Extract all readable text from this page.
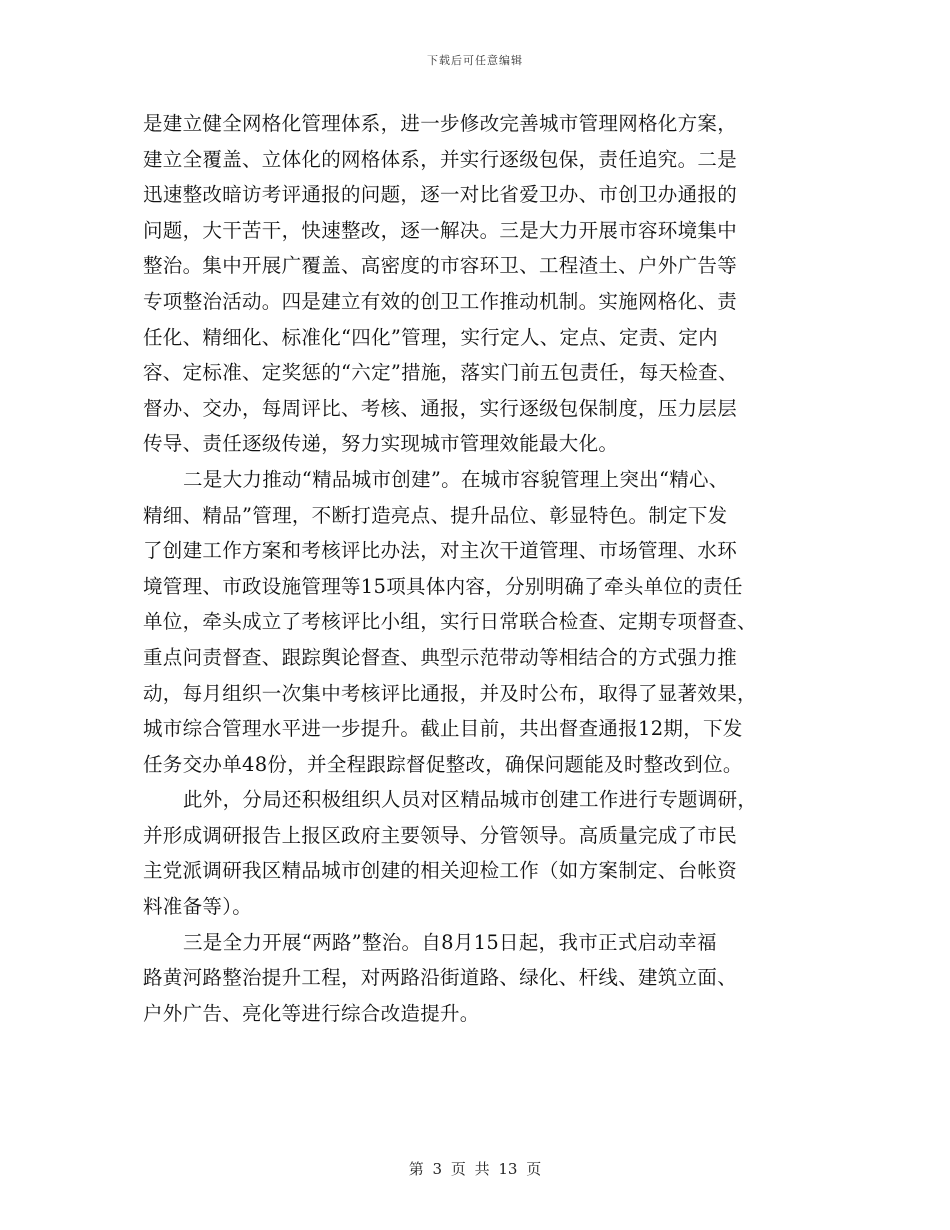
下载后可任意编辑
是建立健全网格化管理体系，进一步修改完善城市管理网格化方案，
建立全覆盖、立体化的网格体系，并实行逐级包保，责任追究。二是
迅速整改暗访考评通报的问题，逐一对比省爱卫办、市创卫办通报的
问题，大干苦干，快速整改，逐一解决。三是大力开展市容环境集中
整治。集中开展广覆盖、高密度的市容环卫、工程渣土、户外广告等
专项整治活动。四是建立有效的创卫工作推动机制。实施网格化、责
任化、精细化、标准化“四化”管理，实行定人、定点、定责、定内
容、定标准、定奖惩的“六定”措施，落实门前五包责任，每天检查、
督办、交办，每周评比、考核、通报，实行逐级包保制度，压力层层
传导、责任逐级传递，努力实现城市管理效能最大化。
二是大力推动“精品城市创建”。在城市容貌管理上突出“精心、
精细、精品”管理，不断打造亮点、提升品位、彰显特色。制定下发
了创建工作方案和考核评比办法，对主次干道管理、市场管理、水环
境管理、市政设施管理等15项具体内容，分别明确了牵头单位的责任
单位，牵头成立了考核评比小组，实行日常联合检查、定期专项督查、
重点问责督查、跟踪舆论督查、典型示范带动等相结合的方式强力推
动，每月组织一次集中考核评比通报，并及时公布，取得了显著效果，
城市综合管理水平进一步提升。截止目前，共出督查通报12期，下发
任务交办单48份，并全程跟踪督促整改，确保问题能及时整改到位。
此外，分局还积极组织人员对区精品城市创建工作进行专题调研，
并形成调研报告上报区政府主要领导、分管领导。高质量完成了市民
主党派调研我区精品城市创建的相关迎检工作（如方案制定、台帐资
料准备等）。
三是全力开展“两路”整治。自8月15日起，我市正式启动幸福
路黄河路整治提升工程，对两路沿街道路、绿化、杆线、建筑立面、
户外广告、亮化等进行综合改造提升。
第 3 页 共 13 页
